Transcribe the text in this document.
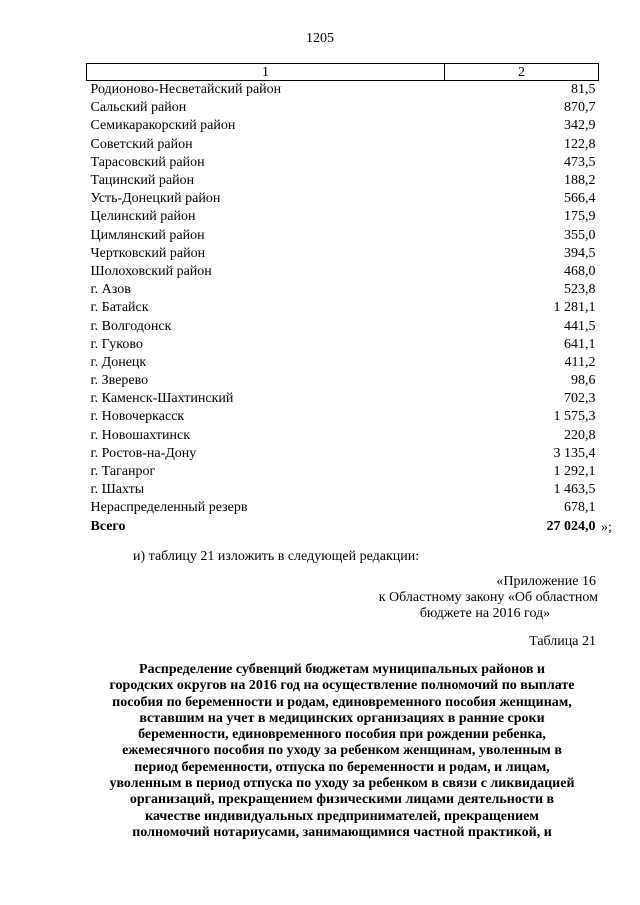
1205
1	2
Родионово-Несветайский район	81,5
Сальский район	870,7
Семикаракорский район	342,9
Советский район	122,8
Тарасовский район	473,5
Тацинский район	188,2
Усть-Донецкий район	566,4
Целинский район	175,9
Цимлянский район	355,0
Чертковский район	394,5
Шолоховский район	468,0
г. Азов	523,8
г. Батайск	1 281,1
г. Волгодонск	441,5
г. Гуково	641,1
г. Донецк	411,2
г. Зверево	98,6
г. Каменск-Шахтинский	702,3
г. Новочеркасск	1 575,3
г. Новошахтинск	220,8
г. Ростов-на-Дону	3 135,4
г. Таганрог	1 292,1
г. Шахты	1 463,5
Нераспределенный резерв	678,1
Всего	27 024,0 »;
и) таблицу 21 изложить в следующей редакции:
«Приложение 16
к Областному закону «Об областном
бюджете на 2016 год»
Таблица 21
Распределение субвенций бюджетам муниципальных районов и
городских округов на 2016 год на осуществление полномочий по выплате
пособия по беременности и родам, единовременного пособия женщинам,
вставшим на учет в медицинских организациях в ранние сроки
беременности, единовременного пособия при рождении ребенка,
ежемесячного пособия по уходу за ребенком женщинам, уволенным в
период беременности, отпуска по беременности и родам, и лицам,
уволенным в период отпуска по уходу за ребенком в связи с ликвидацией
организаций, прекращением физическими лицами деятельности в
качестве индивидуальных предпринимателей, прекращением
полномочий нотариусами, занимающимися частной практикой, и
